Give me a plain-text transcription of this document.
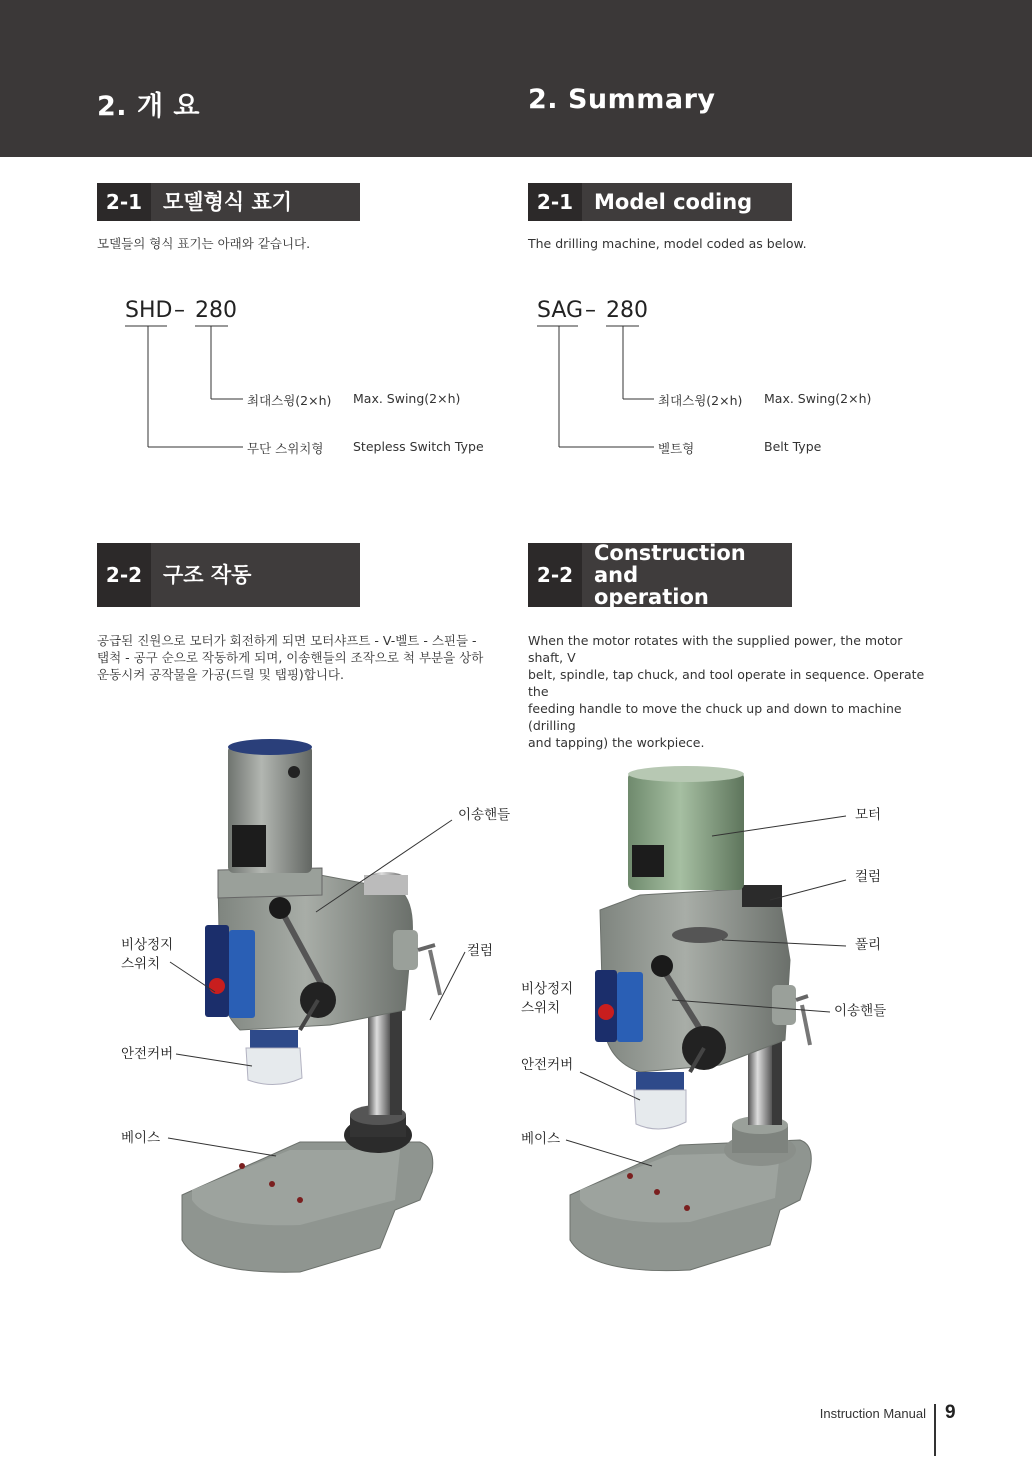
2. 개 요	2. Summary
2-1 모델형식 표기	2-1 Model coding
모델들의 형식 표기는 아래와 같습니다.	The drilling machine, model coded as below.
SHD – 280
최대스윙(2×h) Max. Swing(2×h)
무단 스위치형 Stepless Switch Type
SAG – 280
최대스윙(2×h) Max. Swing(2×h)
벨트형	Belt Type
2-2 구조 작동	2-2
Construction and
operation
공급된 진원으로 모터가 회전하게 되면 모터샤프트 - V-벨트 - 스핀들 -
탭척 - 공구 순으로 작동하게 되며, 이송핸들의 조작으로 척 부분을 상하
운동시켜 공작물을 가공(드릴 및 탭핑)합니다.
When the motor rotates with the supplied power, the motor shaft, V
belt, spindle, tap chuck, and tool operate in sequence. Operate the
feeding handle to move the chuck up and down to machine (drilling
and tapping) the workpiece.
이송핸들
컬럼
비상정지
스위치
안전커버
베이스
모터
컬럼
풀리
이송핸들
비상정지
스위치
안전커버
베이스
Instruction Manual 9
